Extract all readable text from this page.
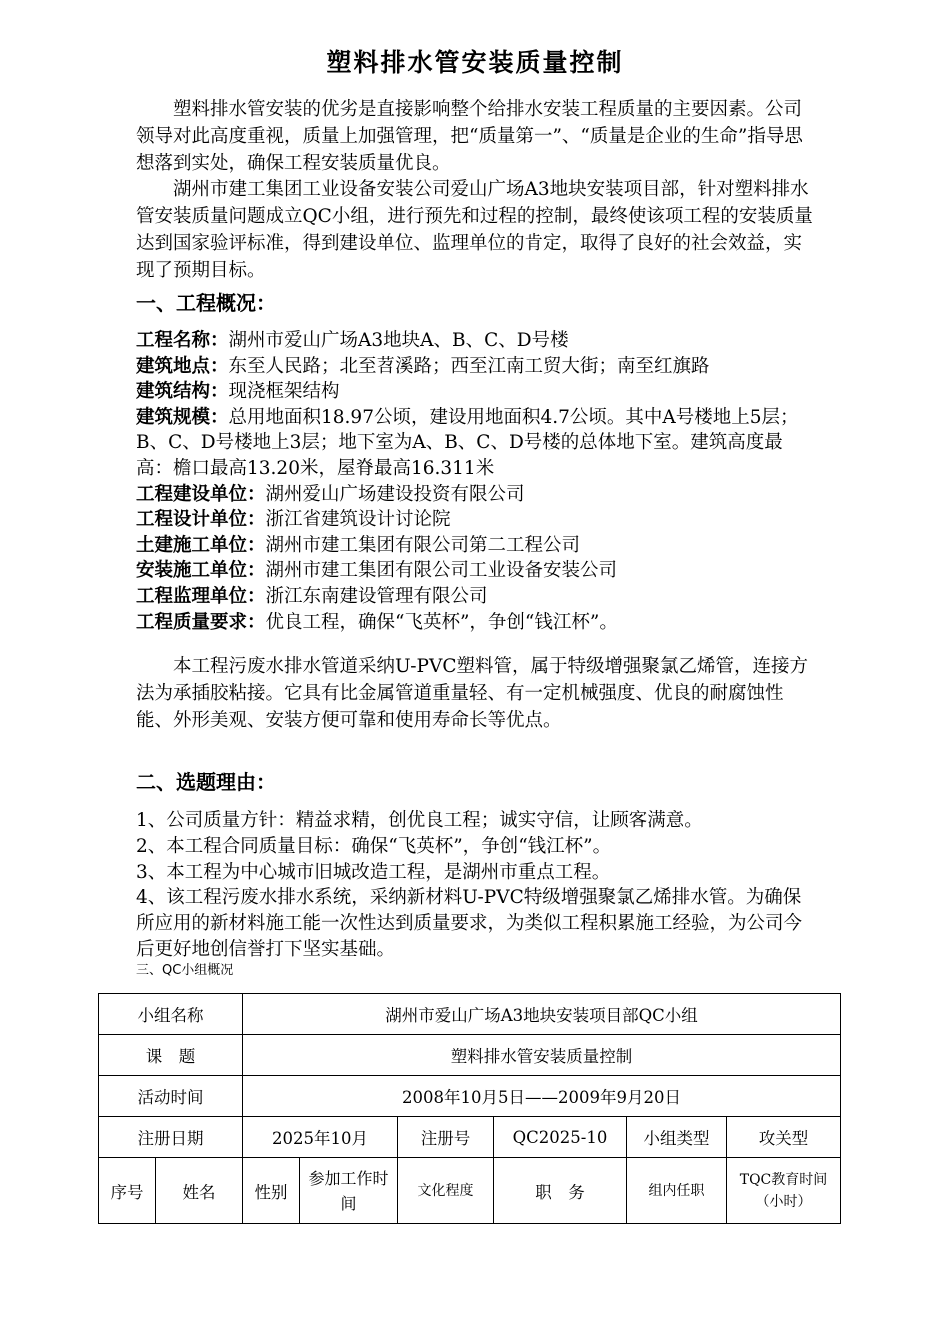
塑料排水管安装质量控制
塑料排水管安装的优劣是直接影响整个给排水安装工程质量的主要因素。公司领导对此高度重视，质量上加强管理，把“质量第一”、“质量是企业的生命”指导思想落到实处，确保工程安装质量优良。
湖州市建工集团工业设备安装公司爱山广场A3地块安装项目部，针对塑料排水管安装质量问题成立QC小组，进行预先和过程的控制，最终使该项工程的安装质量达到国家验评标准，得到建设单位、监理单位的肯定，取得了良好的社会效益，实现了预期目标。
一、工程概况：
工程名称：湖州市爱山广场A3地块A、B、C、D号楼
建筑地点：东至人民路；北至苕溪路；西至江南工贸大街；南至红旗路
建筑结构：现浇框架结构
建筑规模：总用地面积18.97公顷，建设用地面积4.7公顷。其中A号楼地上5层；B、C、D号楼地上3层；地下室为A、B、C、D号楼的总体地下室。建筑高度最高：檐口最高13.20米，屋脊最高16.311米
工程建设单位：湖州爱山广场建设投资有限公司
工程设计单位：浙江省建筑设计讨论院
土建施工单位：湖州市建工集团有限公司第二工程公司
安装施工单位：湖州市建工集团有限公司工业设备安装公司
工程监理单位：浙江东南建设管理有限公司
工程质量要求：优良工程，确保“飞英杯”，争创“钱江杯”。
本工程污废水排水管道采纳U-PVC塑料管，属于特级增强聚氯乙烯管，连接方法为承插胶粘接。它具有比金属管道重量轻、有一定机械强度、优良的耐腐蚀性能、外形美观、安装方便可靠和使用寿命长等优点。
二、选题理由：
1、公司质量方针：精益求精，创优良工程；诚实守信，让顾客满意。
2、本工程合同质量目标：确保“飞英杯”，争创“钱江杯”。
3、本工程为中心城市旧城改造工程，是湖州市重点工程。
4、该工程污废水排水系统，采纳新材料U-PVC特级增强聚氯乙烯排水管。为确保所应用的新材料施工能一次性达到质量要求，为类似工程积累施工经验，为公司今后更好地创信誉打下坚实基础。
三、QC小组概况
小组名称		湖州市爱山广场A3地块安装项目部QC小组					
课　题		塑料排水管安装质量控制					
活动时间		2008年10月5日——2009年9月20日					
注册日期		2025年10月		注册号	QC2025-10	小组类型	攻关型
序号	姓名	性别	参加工作时间	文化程度	职　务	组内任职	TQC教育时间（小时）
